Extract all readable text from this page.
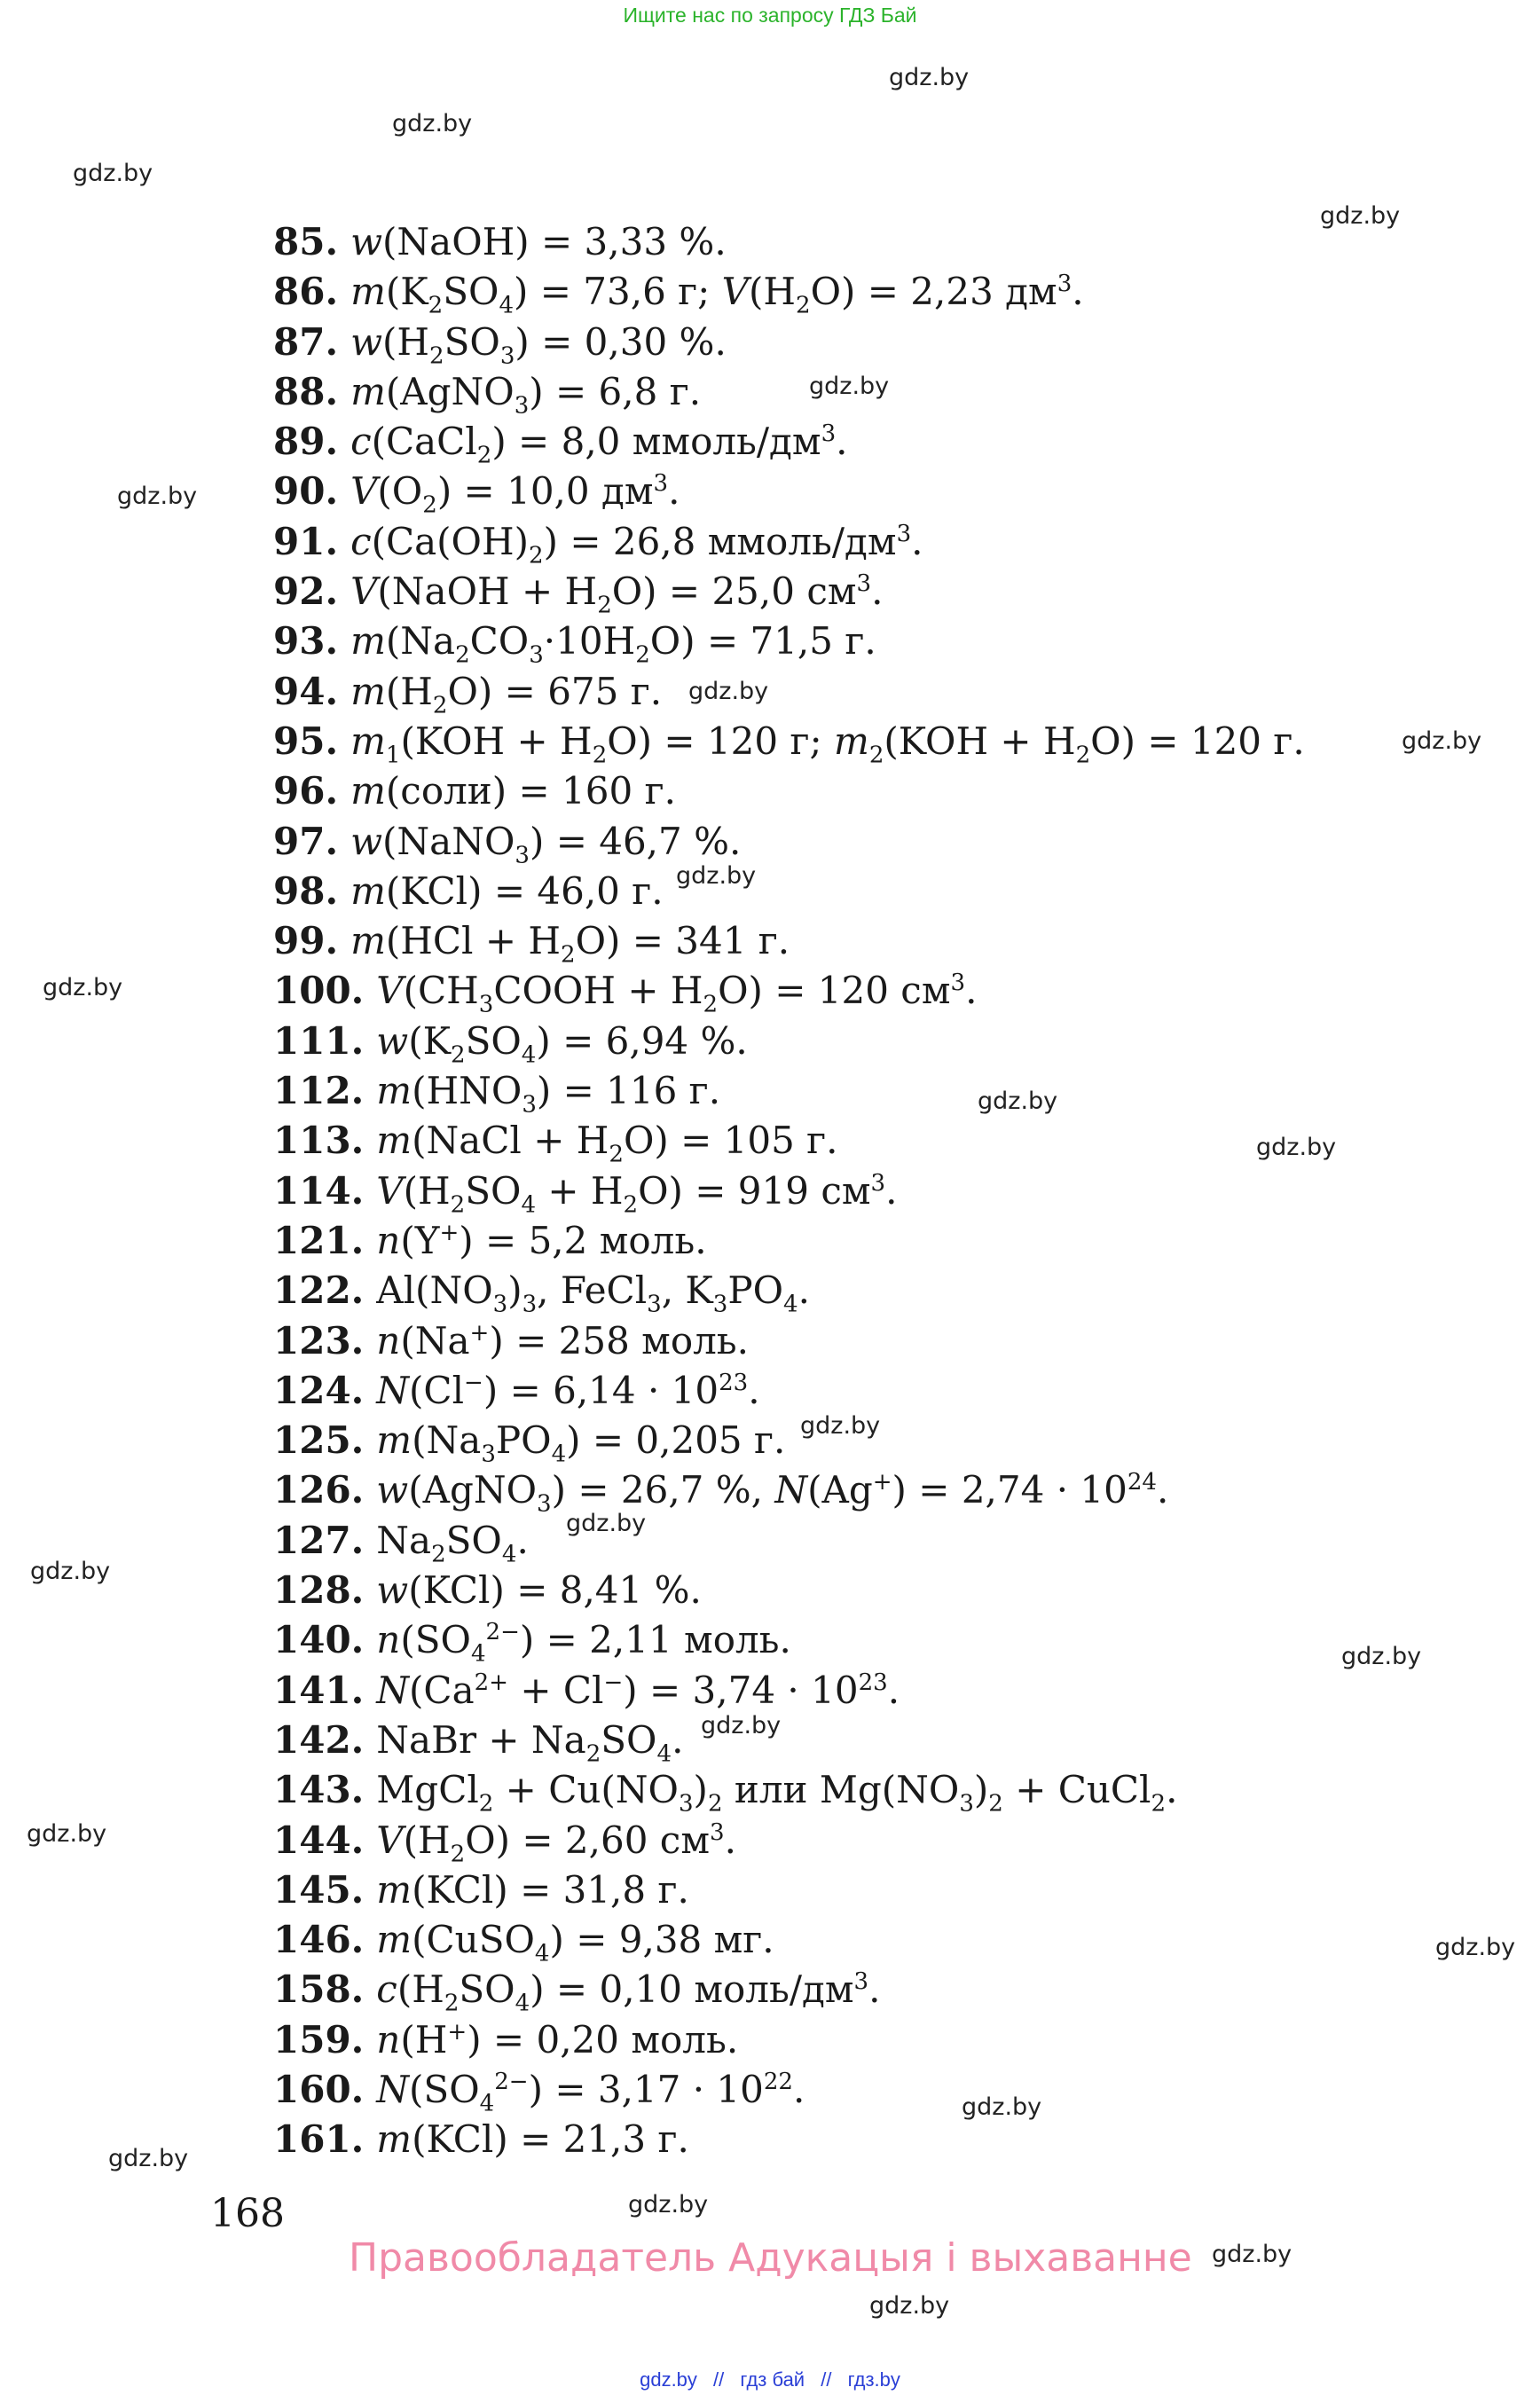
Ищите нас по запросу ГДЗ Бай
gdz.by
gdz.by
gdz.by
gdz.by
gdz.by
gdz.by
gdz.by
gdz.by
gdz.by
gdz.by
gdz.by
gdz.by
gdz.by
gdz.by
gdz.by
gdz.by
gdz.by
gdz.by
gdz.by
gdz.by
gdz.by
gdz.by
gdz.by
gdz.by
85. w(NaOH) = 3,33 %.
86. $m(K_2SO_4) = 73,6$ г; $V(H_2O) = 2,23$ $дм^3$.
87. $w(H_2SO_3) = 0,30$ %.
88. m(AgNO$_3$) = 6,8 г.
89. c(CaCl$_2$) = 8,0 ммоль/$дм^3$.
90. $V(O_2) = 10,0$ $дм^3$.
91. $c(Ca(OH)_2) = 26,8$ ммоль/$дм^3$.
92. V(NaOH + $H_2O) = 25,0$ $см^3$.
93. $m(Na_2CO_3\cdot 10H_2O) = 71,5$ г.
94. $m(H_2O) = 675$ г.
95. $m_1(KOH + H_2O) = 120$ г; $m_2(KOH + H_2O) = 120$ г.
96. m(соли) = 160 г.
97. w(NaNO$_3$) = 46,7 %.
98. m(KCl) = 46,0 г.
99. $m(HCl + H_2O) = 341$ г.
100. $V(CH_3COOH + H_2O) = 120$ $см^3$.
111. $w(K_2SO_4) = 6,94$ %.
112. $m(HNO_3) = 116$ г.
113. m(NaCl + $H_2O) = 105$ г.
114. $V(H_2SO_4 + H_2O) = 919$ $см^3$.
121. n(Y+) = 5,2 моль.
122. $Al(NO_3)_3$, FeCl$_3$, $K_3PO_4$.
123. n(Na+) = 258 моль.
124. $N(Cl^-) = 6,14 \cdot 10^{23}$.
125. $m(Na_3PO_4) = 0,205$ г.
126. w(AgNO$_3$) = 26,7 %, $N(Ag^+) = 2,74 \cdot 10^{24}$.
127. $Na_2SO_4$.
128. w(KCl) = 8,41 %.
140. $n(SO_4^{2-}) = 2,11$ моль.
141. $N(Ca^{2+} + Cl^-) = 3,74 \cdot 10^{23}$.
142. NaBr + $Na_2SO_4$.
143. MgCl$_2$ + $Cu(NO_3)_2$ или $Mg(NO_3)_2$ + CuCl$_2$.
144. $V(H_2O) = 2,60$ $см^3$.
145. m(KCl) = 31,8 г.
146. m(CuSO$_4$) = 9,38 мг.
158. $c(H_2SO_4) = 0,10$ моль/$дм^3$.
159. n(H+) = 0,20 моль.
160. $N(SO_4^{2-}) = 3,17 \cdot 10^{22}$.
161. m(KCl) = 21,3 г.
168
Правообладатель Адукацыя і выхаванне
gdz.by // гдз бай // гдз.by
